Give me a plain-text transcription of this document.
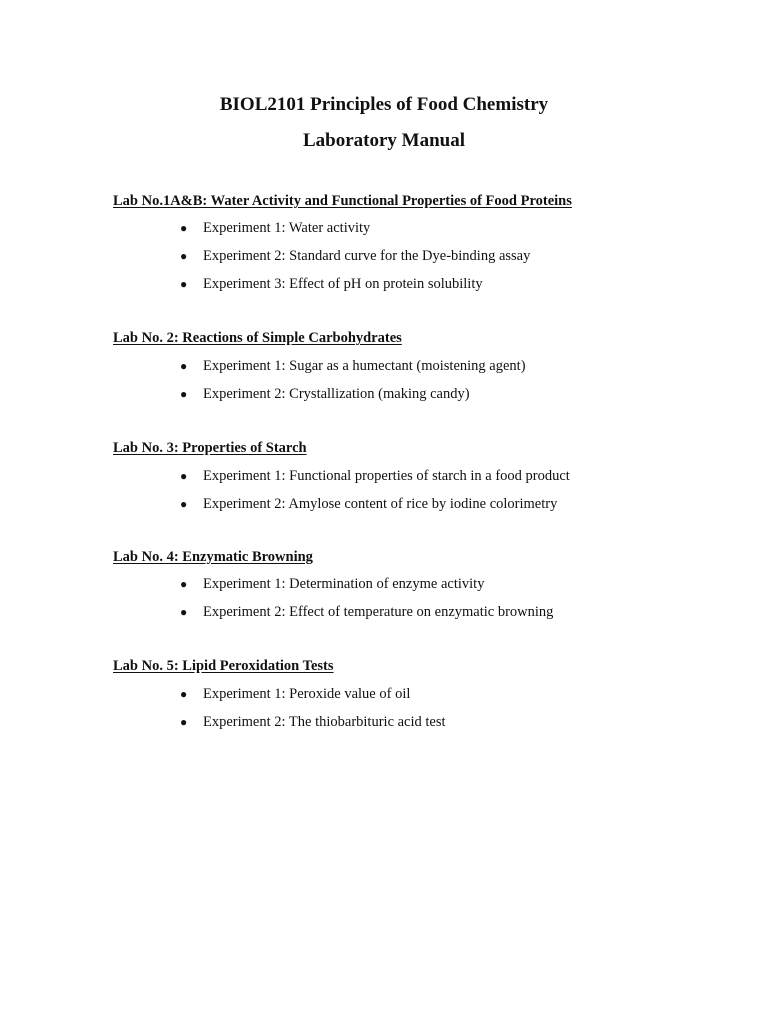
BIOL2101 Principles of Food Chemistry
Laboratory Manual
Lab No.1A&B: Water Activity and Functional Properties of Food Proteins
● Experiment 1: Water activity
● Experiment 2: Standard curve for the Dye-binding assay
● Experiment 3: Effect of pH on protein solubility
Lab No. 2: Reactions of Simple Carbohydrates
● Experiment 1: Sugar as a humectant (moistening agent)
● Experiment 2: Crystallization (making candy)
Lab No. 3: Properties of Starch
● Experiment 1: Functional properties of starch in a food product
● Experiment 2: Amylose content of rice by iodine colorimetry
Lab No. 4: Enzymatic Browning
● Experiment 1: Determination of enzyme activity
● Experiment 2: Effect of temperature on enzymatic browning
Lab No. 5: Lipid Peroxidation Tests
● Experiment 1: Peroxide value of oil
● Experiment 2: The thiobarbituric acid test
